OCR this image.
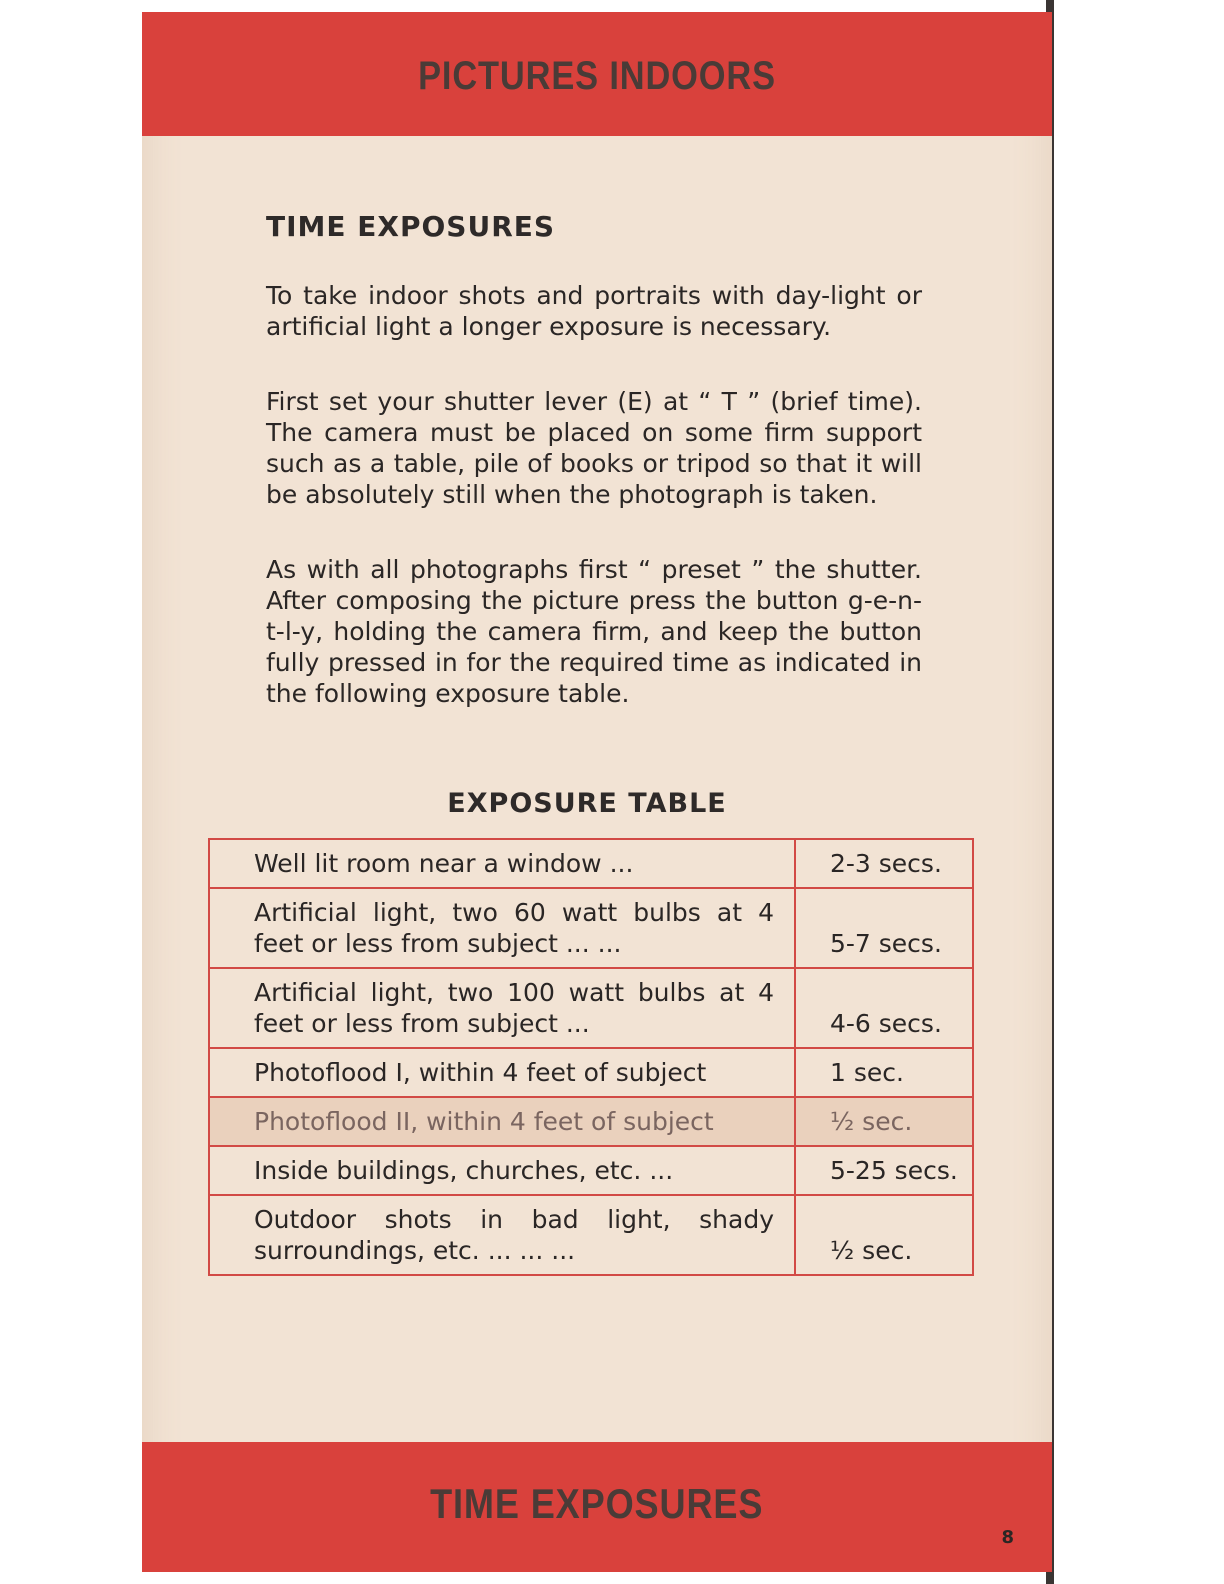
PICTURES INDOORS
TIME EXPOSURES
To take indoor shots and portraits with day-light or artificial light a longer exposure is necessary.
First set your shutter lever (E) at “ T ” (brief time). The camera must be placed on some firm support such as a table, pile of books or tripod so that it will be absolutely still when the photograph is taken.
As with all photographs first “ preset ” the shutter. After composing the picture press the button g-e-n-t-l-y, holding the camera firm, and keep the button fully pressed in for the required time as indicated in the following exposure table.
EXPOSURE TABLE
Well lit room near a window ...	2-3 secs.
Artificial light, two 60 watt bulbs at 4 feet or less from subject ... ...	5-7 secs.
Artificial light, two 100 watt bulbs at 4 feet or less from subject ...	4-6 secs.
Photoflood I, within 4 feet of subject	1 sec.
Photoflood II, within 4 feet of subject	½ sec.
Inside buildings, churches, etc. ...	5-25 secs.
Outdoor shots in bad light, shady surroundings, etc. ... ... ...	½ sec.
TIME EXPOSURES
8
